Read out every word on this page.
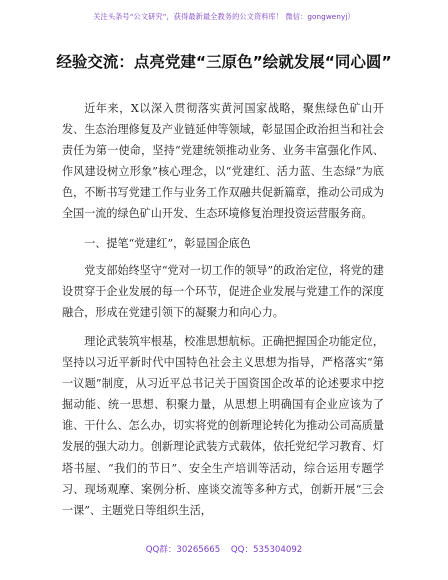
关注头条号“公文研究”，获得最新最全教务的公文资料库！ 微信：gongwenyj）
经验交流：点亮党建“三原色”绘就发展“同心圆”

近年来，X以深入贯彻落实黄河国家战略，聚焦绿色矿山开发、生态治理修复及产业链延伸等领域，彰显国企政治担当和社会责任为第一使命，坚持“党建统领推动业务、业务丰富强化作风、作风建设树立形象”核心理念，以“党建红、活力蓝、生态绿”为底色，不断书写党建工作与业务工作双融共促新篇章，推动公司成为全国一流的绿色矿山开发、生态环境修复治理投资运营服务商。

一、提笔“党建红”，彰显国企底色

党支部始终坚守“党对一切工作的领导”的政治定位，将党的建设贯穿于企业发展的每一个环节，促进企业发展与党建工作的深度融合，形成在党建引领下的凝聚力和向心力。

理论武装筑牢根基，校准思想航标。正确把握国企功能定位，坚持以习近平新时代中国特色社会主义思想为指导，严格落实“第一议题”制度，从习近平总书记关于国资国企改革的论述要求中挖掘动能、统一思想、积聚力量，从思想上明确国有企业应该为了谁、干什么、怎么办，切实将党的创新理论转化为推动公司高质量发展的强大动力。创新理论武装方式载体，依托党纪学习教育、灯塔书屋、“我们的节日”、安全生产培训等活动，综合运用专题学习、现场观摩、案例分析、座谈交流等多种方式，创新开展“三会一课”、主题党日等组织生活，

QQ群：30265665 QQ：535304092
